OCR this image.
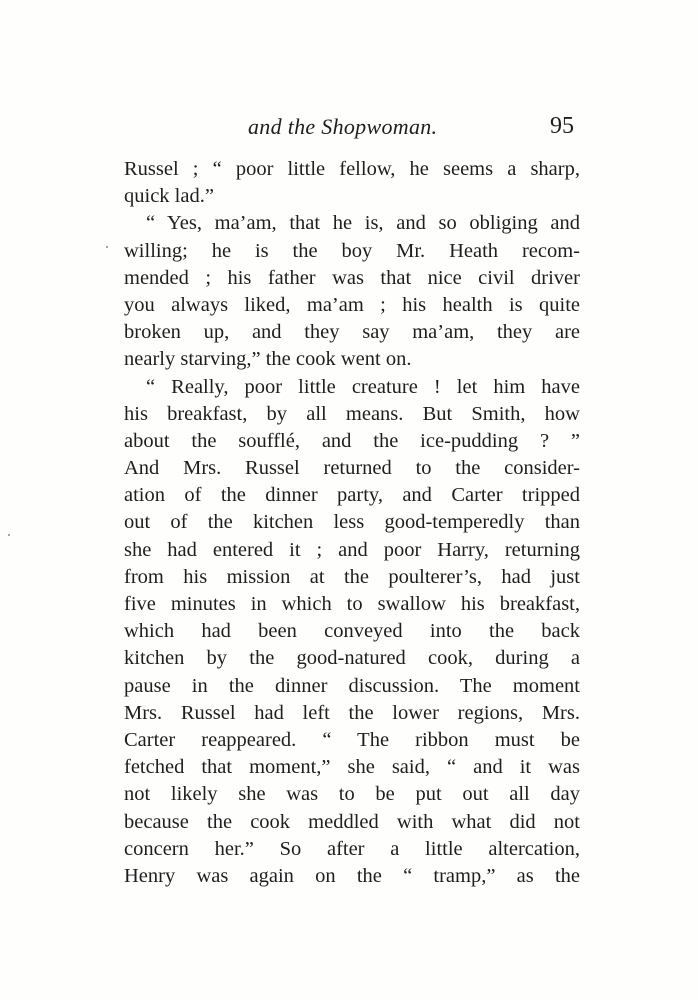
and the Shopwoman.	95
Russel ; “ poor little fellow, he seems a sharp,
quick lad.”
“ Yes, ma’am, that he is, and so obliging and
willing; he is the boy Mr. Heath recom-
mended ; his father was that nice civil driver
you always liked, ma’am ; his health is quite
broken up, and they say ma’am, they are
nearly starving,” the cook went on.
“ Really, poor little creature ! let him have
his breakfast, by all means. But Smith, how
about the soufflé, and the ice-pudding ? ”
And Mrs. Russel returned to the consider-
ation of the dinner party, and Carter tripped
out of the kitchen less good-temperedly than
she had entered it ; and poor Harry, returning
from his mission at the poulterer’s, had just
five minutes in which to swallow his breakfast,
which had been conveyed into the back
kitchen by the good-natured cook, during a
pause in the dinner discussion. The moment
Mrs. Russel had left the lower regions, Mrs.
Carter reappeared. “ The ribbon must be
fetched that moment,” she said, “ and it was
not likely she was to be put out all day
because the cook meddled with what did not
concern her.” So after a little altercation,
Henry was again on the “ tramp,” as the
